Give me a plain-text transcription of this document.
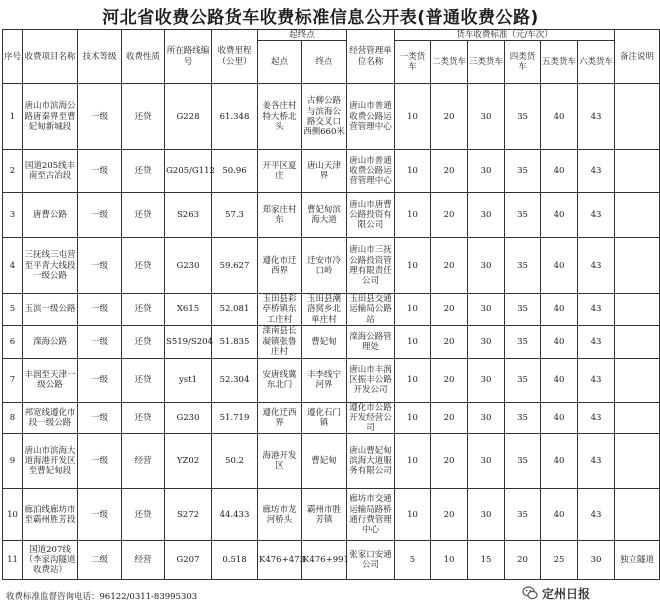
河北省收费公路货车收费标准信息公开表(普通收费公路)
序号	收费项目名称	技术等级	收费性质	所在路线编号	收费里程（公里）	起终点		经营管理单位名称	货车收费标准（元/车次）						备注说明
						起点	终点		一类货车	二类货车	三类货车	四类货车	五类货车	六类货车	
1	唐山市滨海公路唐秦界至曹妃甸新城段	一级	还贷	G228	61.348	姜各庄村特大桥北头	古柳公路与滨海公路交叉口西侧660米	唐山市普通收费公路运营管理中心	10	20	30	35	40	43	
2	国道205线丰南至古冶段	一级	还贷	G205/G112	50.96	开平区夏庄	唐山天津界	唐山市普通收费公路运营管理中心	10	20	30	35	40	43	
3	唐曹公路	一级	还贷	S263	57.3	郑家庄村东	曹妃甸滨海大道	唐山市唐曹公路投资有限公司	10	20	30	35	40	43	
4	三抚线三屯营至平青大线段一级公路	一级	还贷	G230	59.627	遵化市迁西界	迁安市冷口岭	唐山市三抚公路投资管理有限责任公司	10	20	30	35	40	43	
5	玉滨一级公路	一级	还贷	X615	52.081	玉田县彩亭桥镇东工庄村	玉田县潮洛窝乡北单庄村	玉田县交通运输局公路站	10	20	30	35	40	43	
6	滦海公路	一级	还贷	S519/S204	51.835	滦南县长凝镇张鲁庄村	曹妃甸	滦海公路管理处	10	20	30	35	40	43	
7	丰润至天津一级公路	一级	还贷	yst1	52.304	安唐线冀东北门	丰李线宁河界	唐山市丰润区振丰公路开发公司	10	20	30	35	40	43	
8	邦宽线遵化市段一级公路	一级	还贷	G230	51.719	遵化迁西界	遵化石门镇	遵化市公路开发经营公司	10	20	30	35	40	43	
9	唐山市滨海大道海港开发区至曹妃甸段	一级	经营	YZ02	50.2	海港开发区	曹妃甸	唐山曹妃甸滨海大道服务有限公司	10	20	30	35	40	43	
10	廊泊线廊坊市至霸州胜芳段	一级	还贷	S272	44.433	廊坊市龙河桥头	霸州市胜芳镇	廊坊市交通运输局路桥通行费管理中心	10	20	30	35	40	43	
11	国道207线（李家沟隧道收费站）	二级	经营	G207	0.518	K476+473	K476+991	张家口安通公司	5	10	15	20	25	30	独立隧道
收费标准监督咨询电话：96122/0311-83995303	定州日报
